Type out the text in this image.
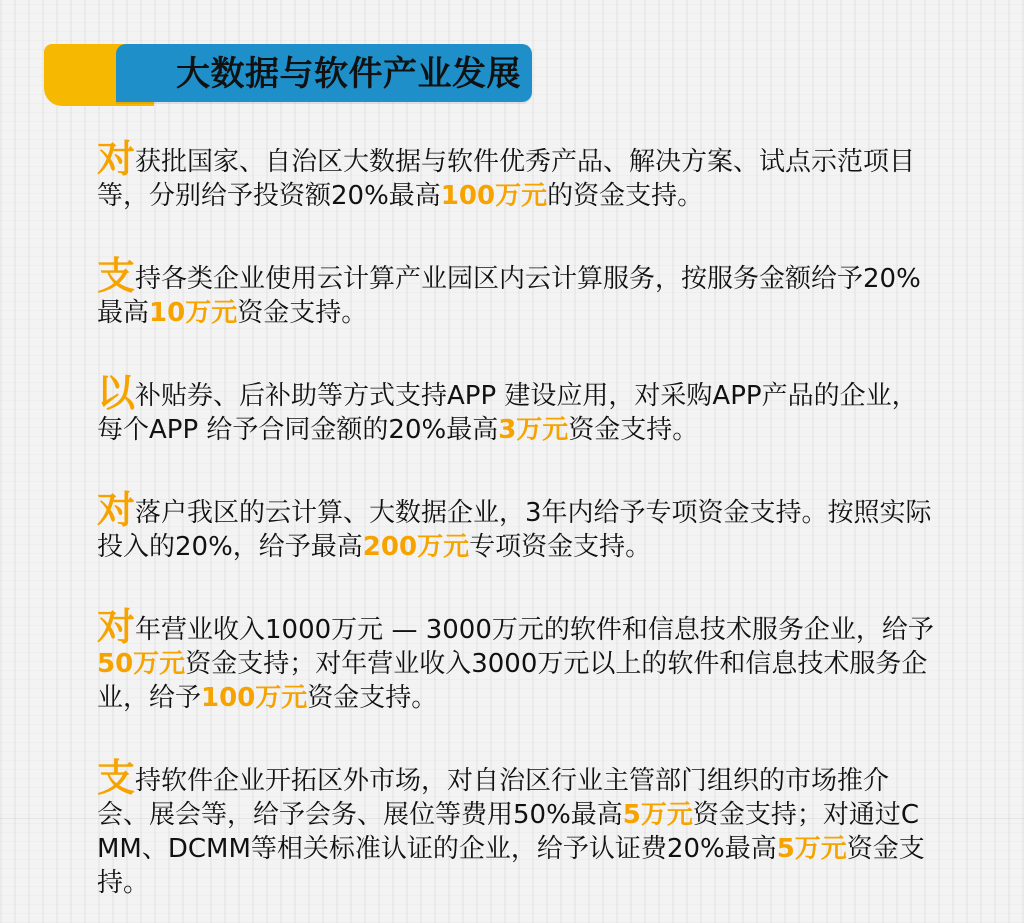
大数据与软件产业发展

对获批国家、自治区大数据与软件优秀产品、解决方案、试点示范项目等，分别给予投资额20%最高100万元的资金支持。

支持各类企业使用云计算产业园区内云计算服务，按服务金额给予20%最高10万元资金支持。

以补贴券、后补助等方式支持APP 建设应用，对采购APP产品的企业，每个APP 给予合同金额的20%最高3万元资金支持。

对落户我区的云计算、大数据企业，3年内给予专项资金支持。按照实际投入的20%，给予最高200万元专项资金支持。

对年营业收入1000万元 — 3000万元的软件和信息技术服务企业，给予50万元资金支持；对年营业收入3000万元以上的软件和信息技术服务企业，给予100万元资金支持。

支持软件企业开拓区外市场，对自治区行业主管部门组织的市场推介会、展会等，给予会务、展位等费用50%最高5万元资金支持；对通过CMM、DCMM等相关标准认证的企业，给予认证费20%最高5万元资金支持。
